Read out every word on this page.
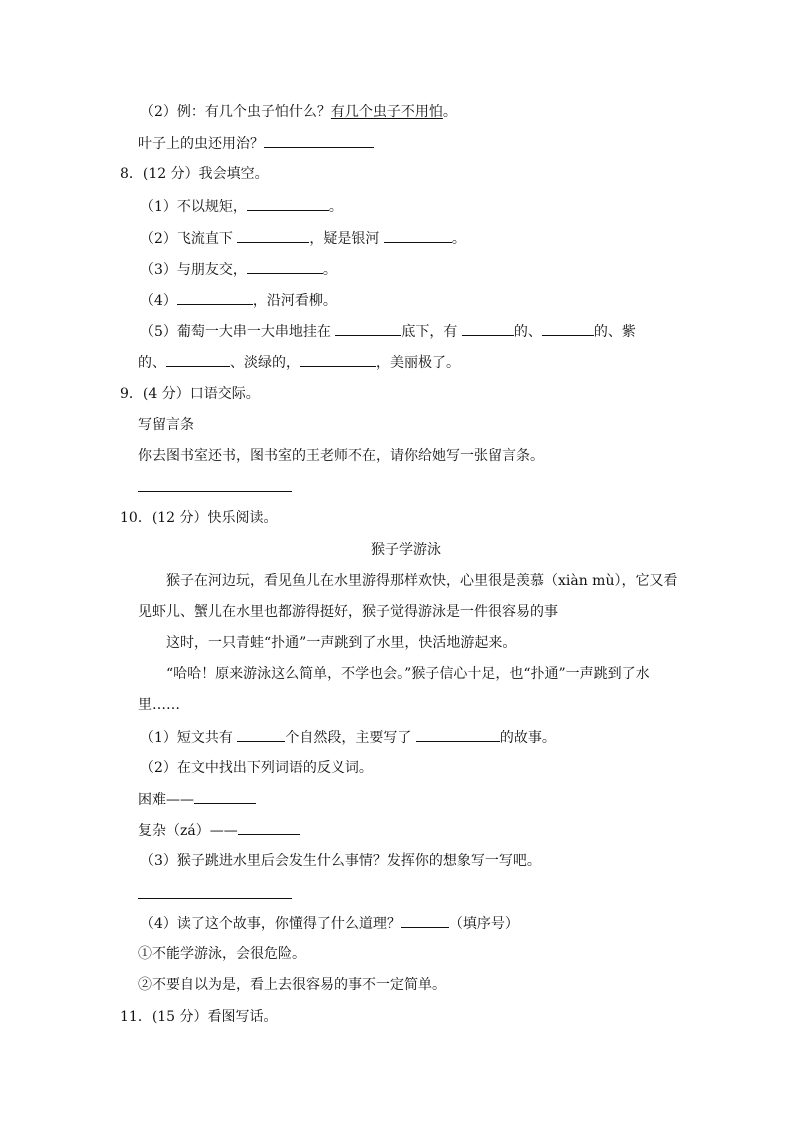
（2）例：有几个虫子怕什么？有几个虫子不用怕。
叶子上的虫还用治？
8．(12 分）我会填空。
（1）不以规矩，	。
（2）飞流直下	，疑是银河	。
（3）与朋友交，	。
（4）	，沿河看柳。
（5）葡萄一大串一大串地挂在	底下，有	的、	的、紫
的、	、淡绿的，	，美丽极了。
9．(4 分）口语交际。
写留言条
你去图书室还书，图书室的王老师不在，请你给她写一张留言条。
10．(12 分）快乐阅读。
猴子学游泳
猴子在河边玩，看见鱼儿在水里游得那样欢快，心里很是羡慕（xiàn mù），它又看
见虾儿、蟹儿在水里也都游得挺好，猴子觉得游泳是一件很容易的事
这时，一只青蛙“扑通”一声跳到了水里，快活地游起来。
“哈哈！原来游泳这么简单，不学也会。”猴子信心十足，也“扑通”一声跳到了水
里……
（1）短文共有	个自然段，主要写了	的故事。
（2）在文中找出下列词语的反义词。
困难——
复杂（zá）——
（3）猴子跳进水里后会发生什么事情？发挥你的想象写一写吧。
（4）读了这个故事，你懂得了什么道理？	（填序号）
①不能学游泳，会很危险。
②不要自以为是，看上去很容易的事不一定简单。
11．(15 分）看图写话。
